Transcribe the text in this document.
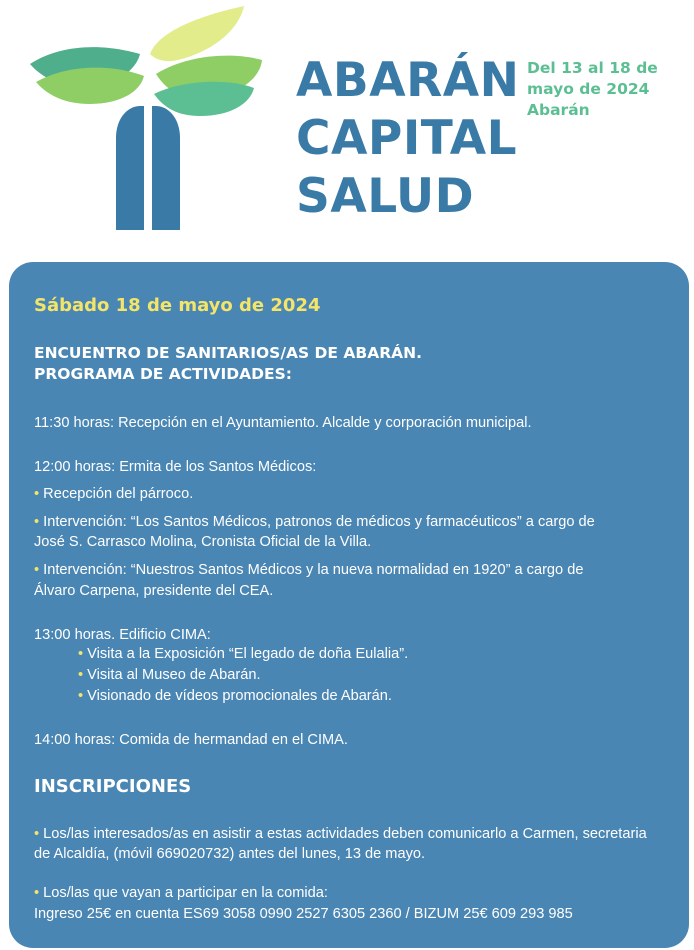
ABARÁN
CAPITAL
SALUD
Del 13 al 18 de
mayo de 2024
Abarán
Sábado 18 de mayo de 2024
ENCUENTRO DE SANITARIOS/AS DE ABARÁN.
PROGRAMA DE ACTIVIDADES:
11:30 horas: Recepción en el Ayuntamiento. Alcalde y corporación municipal.
12:00 horas: Ermita de los Santos Médicos:
• Recepción del párroco.
• Intervención: “Los Santos Médicos, patronos de médicos y farmacéuticos” a cargo de
José S. Carrasco Molina, Cronista Oficial de la Villa.
• Intervención: “Nuestros Santos Médicos y la nueva normalidad en 1920” a cargo de
Álvaro Carpena, presidente del CEA.
13:00 horas. Edificio CIMA:
• Visita a la Exposición “El legado de doña Eulalia”.
• Visita al Museo de Abarán.
• Visionado de vídeos promocionales de Abarán.
14:00 horas: Comida de hermandad en el CIMA.
INSCRIPCIONES
• Los/las interesados/as en asistir a estas actividades deben comunicarlo a Carmen, secretaria
de Alcaldía, (móvil 669020732) antes del lunes, 13 de mayo.
• Los/las que vayan a participar en la comida:
Ingreso 25€ en cuenta ES69 3058 0990 2527 6305 2360 / BIZUM 25€ 609 293 985
